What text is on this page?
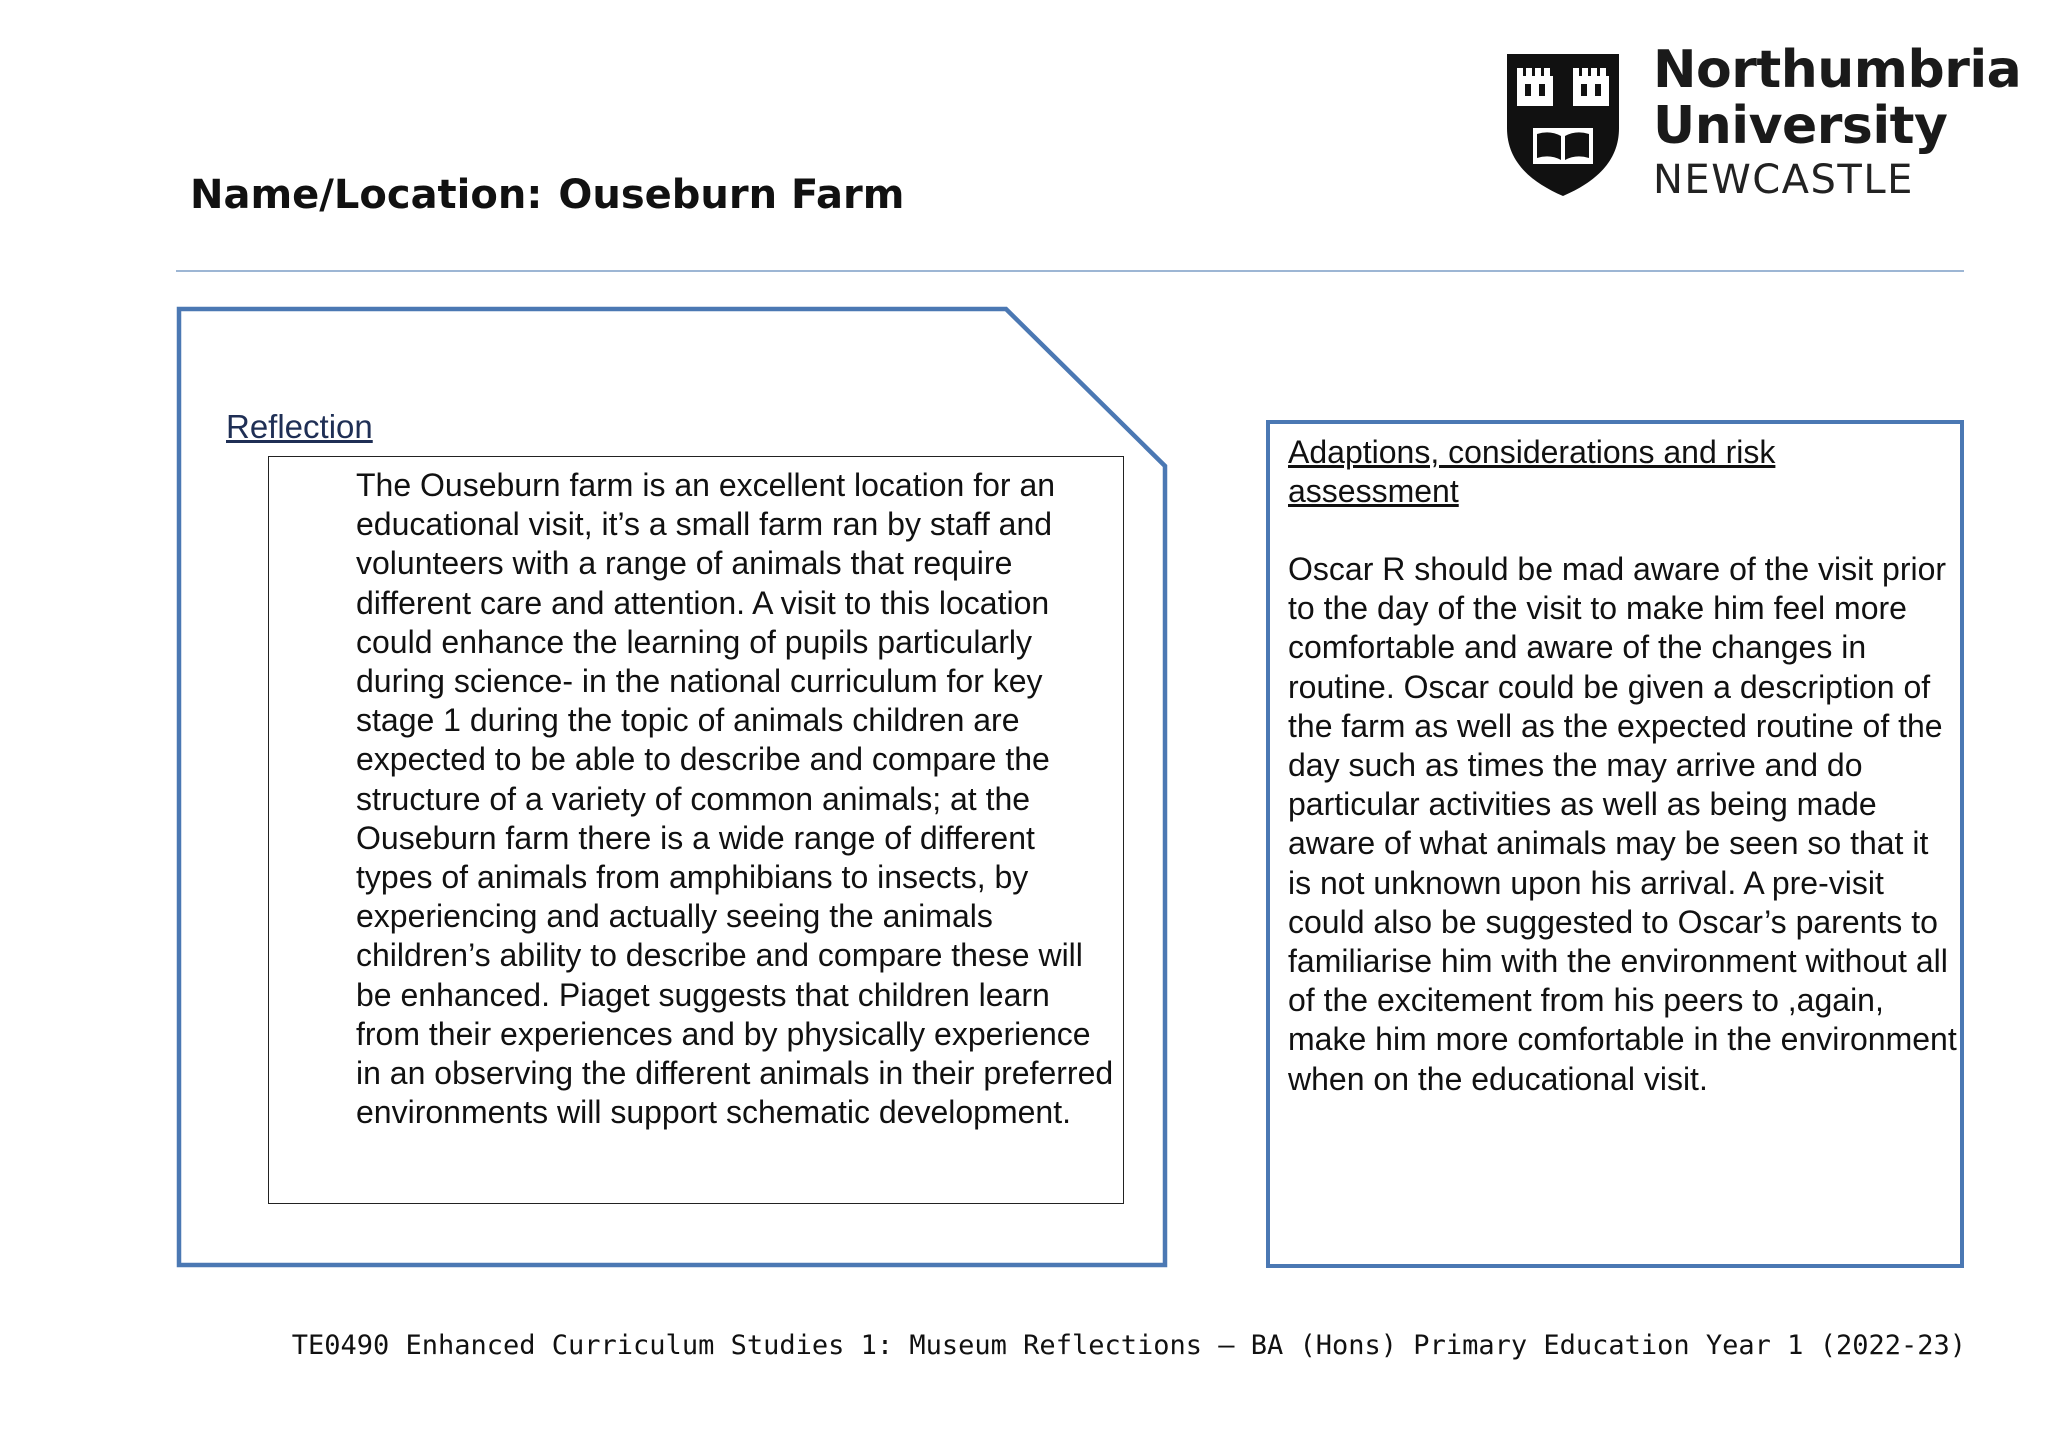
Name/Location: Ouseburn Farm
Northumbria
University
NEWCASTLE
Reflection
The Ouseburn farm is an excellent location for an educational visit, it’s a small farm ran by staff and volunteers with a range of animals that require different care and attention. A visit to this location could enhance the learning of pupils particularly during science- in the national curriculum for key stage 1 during the topic of animals children are expected to be able to describe and compare the structure of a variety of common animals; at the Ouseburn farm there is a wide range of different types of animals from amphibians to insects, by experiencing and actually seeing the animals children’s ability to describe and compare these will be enhanced. Piaget suggests that children learn from their experiences and by physically experience in an observing the different animals in their preferred environments will support schematic development.
Adaptions, considerations and risk assessment
Oscar R should be mad aware of the visit prior to the day of the visit to make him feel more comfortable and aware of the changes in routine. Oscar could be given a description of the farm as well as the expected routine of the day such as times the may arrive and do particular activities as well as being made aware of what animals may be seen so that it is not unknown upon his arrival. A pre-visit could also be suggested to Oscar’s parents to familiarise him with the environment without all of the excitement from his peers to ,again, make him more comfortable in the environment when on the educational visit.
TE0490 Enhanced Curriculum Studies 1: Museum Reflections – BA (Hons) Primary Education Year 1 (2022-23)
